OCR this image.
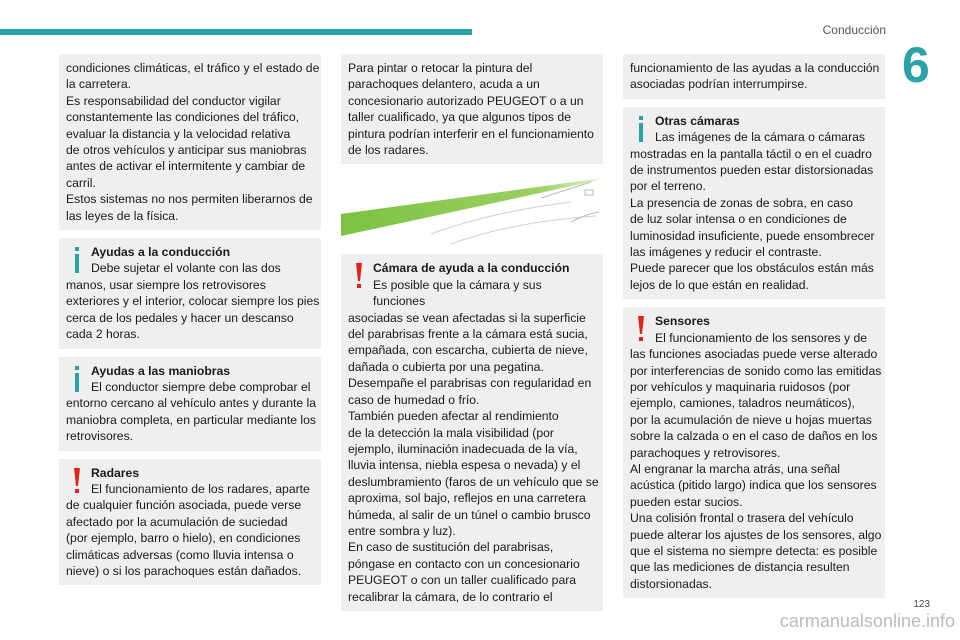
Conducción
6
condiciones climáticas, el tráfico y el estado de
la carretera.
Es responsabilidad del conductor vigilar
constantemente las condiciones del tráfico,
evaluar la distancia y la velocidad relativa
de otros vehículos y anticipar sus maniobras
antes de activar el intermitente y cambiar de
carril.
Estos sistemas no nos permiten liberarnos de
las leyes de la física.
Ayudas a la conducción
Debe sujetar el volante con las dos
manos, usar siempre los retrovisores
exteriores y el interior, colocar siempre los pies
cerca de los pedales y hacer un descanso
cada 2 horas.
Ayudas a las maniobras
El conductor siempre debe comprobar el
entorno cercano al vehículo antes y durante la
maniobra completa, en particular mediante los
retrovisores.
Radares
El funcionamiento de los radares, aparte
de cualquier función asociada, puede verse
afectado por la acumulación de suciedad
(por ejemplo, barro o hielo), en condiciones
climáticas adversas (como lluvia intensa o
nieve) o si los parachoques están dañados.
Para pintar o retocar la pintura del
parachoques delantero, acuda a un
concesionario autorizado PEUGEOT o a un
taller cualificado, ya que algunos tipos de
pintura podrían interferir en el funcionamiento
de los radares.
Cámara de ayuda a la conducción
Es posible que la cámara y sus funciones
asociadas se vean afectadas si la superficie
del parabrisas frente a la cámara está sucia,
empañada, con escarcha, cubierta de nieve,
dañada o cubierta por una pegatina.
Desempañe el parabrisas con regularidad en
caso de humedad o frío.
También pueden afectar al rendimiento
de la detección la mala visibilidad (por
ejemplo, iluminación inadecuada de la vía,
lluvia intensa, niebla espesa o nevada) y el
deslumbramiento (faros de un vehículo que se
aproxima, sol bajo, reflejos en una carretera
húmeda, al salir de un túnel o cambio brusco
entre sombra y luz).
En caso de sustitución del parabrisas,
póngase en contacto con un concesionario
PEUGEOT o con un taller cualificado para
recalibrar la cámara, de lo contrario el
funcionamiento de las ayudas a la conducción
asociadas podrían interrumpirse.
Otras cámaras
Las imágenes de la cámara o cámaras
mostradas en la pantalla táctil o en el cuadro
de instrumentos pueden estar distorsionadas
por el terreno.
La presencia de zonas de sobra, en caso
de luz solar intensa o en condiciones de
luminosidad insuficiente, puede ensombrecer
las imágenes y reducir el contraste.
Puede parecer que los obstáculos están más
lejos de lo que están en realidad.
Sensores
El funcionamiento de los sensores y de
las funciones asociadas puede verse alterado
por interferencias de sonido como las emitidas
por vehículos y maquinaria ruidosos (por
ejemplo, camiones, taladros neumáticos),
por la acumulación de nieve u hojas muertas
sobre la calzada o en el caso de daños en los
parachoques y retrovisores.
Al engranar la marcha atrás, una señal
acústica (pitido largo) indica que los sensores
pueden estar sucios.
Una colisión frontal o trasera del vehículo
puede alterar los ajustes de los sensores, algo
que el sistema no siempre detecta: es posible
que las mediciones de distancia resulten
distorsionadas.
123
carmanualsonline.info
